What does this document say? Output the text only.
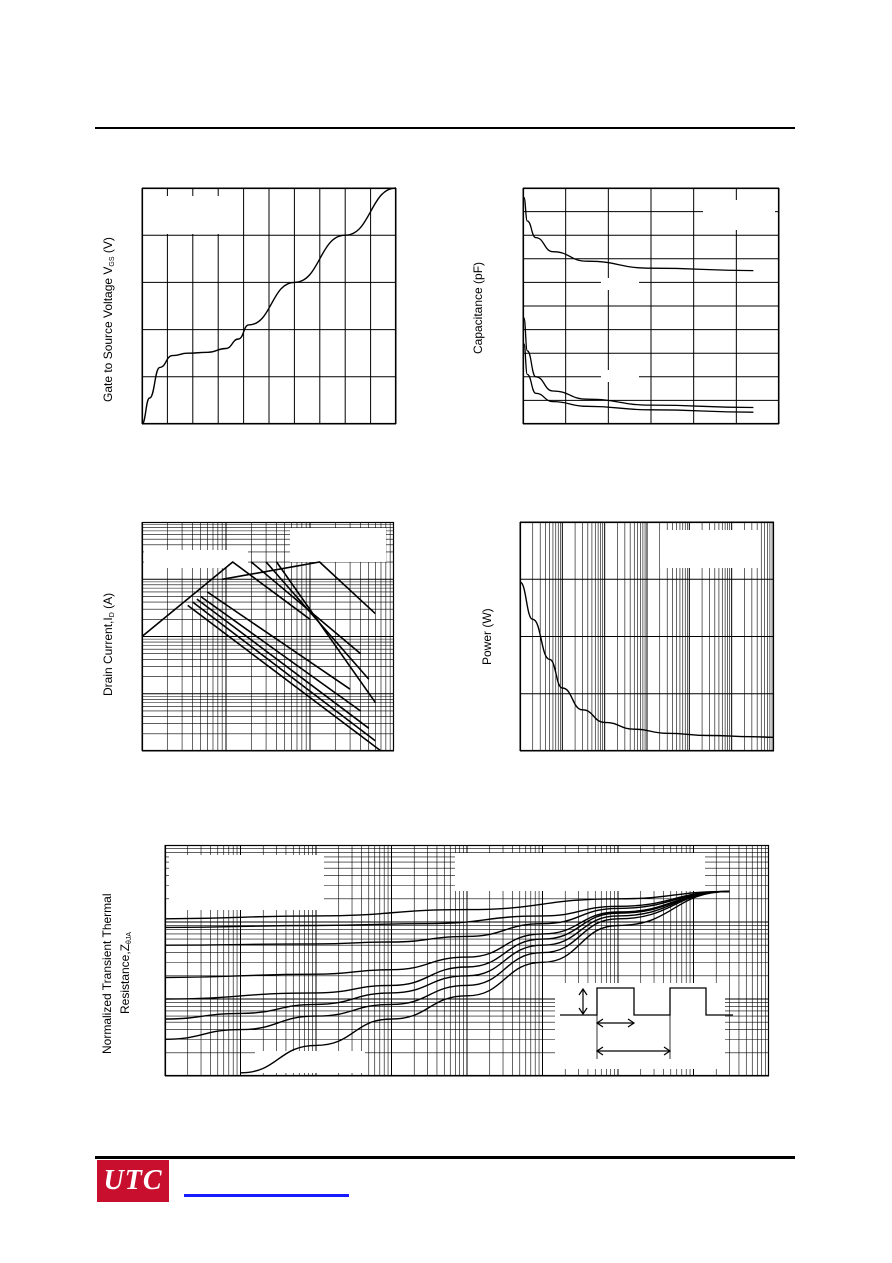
Gate to Source Voltage $V_{GS}$ (V)
Capacitance (pF)
Drain $Current,I_D$ (A)
Power (W)
Normalized Transient Thermal $Resistance,Z_{\theta JA}$
UTC
